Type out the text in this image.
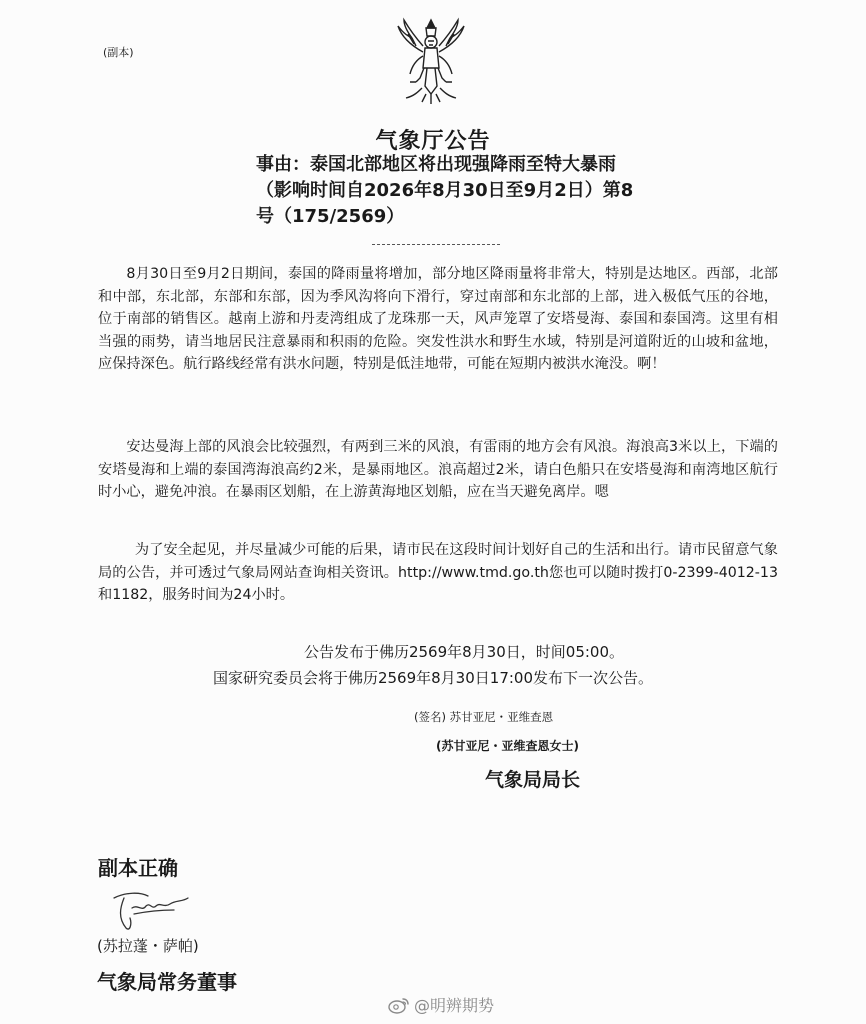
(副本)
气象厅公告
事由：泰国北部地区将出现强降雨至特大暴雨（影响时间自2026年8月30日至9月2日）第8号（175/2569）

8月30日至9月2日期间，泰国的降雨量将增加，部分地区降雨量将非常大，特别是达地区。西部，北部和中部，东北部，东部和东部，因为季风沟将向下滑行，穿过南部和东北部的上部，进入极低气压的谷地，位于南部的销售区。越南上游和丹麦湾组成了龙珠那一天，风声笼罩了安塔曼海、泰国和泰国湾。这里有相当强的雨势，请当地居民注意暴雨和积雨的危险。突发性洪水和野生水域，特别是河道附近的山坡和盆地，应保持深色。航行路线经常有洪水问题，特别是低洼地带，可能在短期内被洪水淹没。啊！

安达曼海上部的风浪会比较强烈，有两到三米的风浪，有雷雨的地方会有风浪。海浪高3米以上，下端的安塔曼海和上端的泰国湾海浪高约2米，是暴雨地区。浪高超过2米，请白色船只在安塔曼海和南湾地区航行时小心，避免冲浪。在暴雨区划船，在上游黄海地区划船，应在当天避免离岸。嗯

为了安全起见，并尽量减少可能的后果，请市民在这段时间计划好自己的生活和出行。请市民留意气象局的公告，并可透过气象局网站查询相关资讯。http://www.tmd.go.th您也可以随时拨打0-2399-4012-13和1182，服务时间为24小时。

公告发布于佛历2569年8月30日，时间05:00。
国家研究委员会将于佛历2569年8月30日17:00发布下一次公告。
(签名) 苏甘亚尼・亚维查恩
(苏甘亚尼・亚维查恩女士)
气象局局长
副本正确
(苏拉蓬・萨帕)
气象局常务董事
@明辨期势
